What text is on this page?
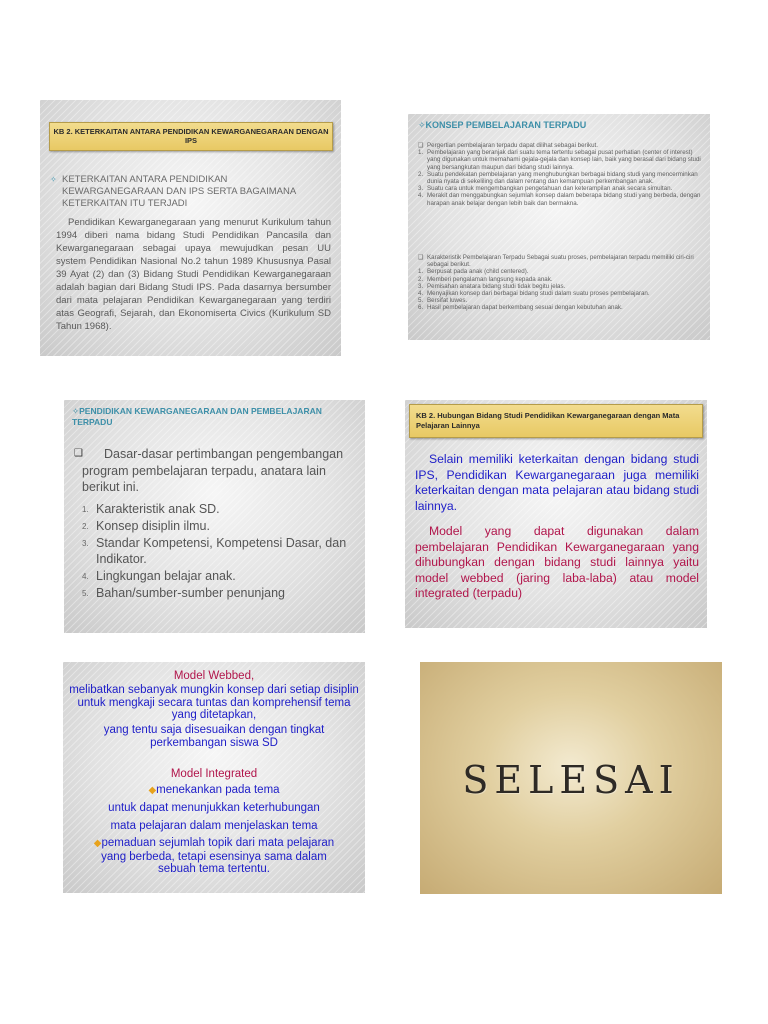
KB 2. KETERKAITAN ANTARA PENDIDIKAN KEWARGANEGARAAN DENGAN IPS
✧ KETERKAITAN ANTARA PENDIDIKAN KEWARGANEGARAAN DAN IPS SERTA BAGAIMANA KETERKAITAN ITU TERJADI
Pendidikan Kewarganegaraan yang menurut Kurikulum tahun 1994 diberi nama bidang Studi Pendidikan Pancasila dan Kewarganegaraan sebagai upaya mewujudkan pesan UU system Pendidikan Nasional No.2 tahun 1989 Khususnya Pasal 39 Ayat (2) dan (3) Bidang Studi Pendidikan Kewarganegaraan adalah bagian dari Bidang Studi IPS. Pada dasarnya bersumber dari mata pelajaran Pendidikan Kewarganegaraan yang terdiri atas Geografi, Sejarah, dan Ekonomiserta Civics (Kurikulum SD Tahun 1968).
✧KONSEP PEMBELAJARAN TERPADU
❑ Pergertian pembelajaran terpadu dapat dilihat sebagai berikut.
1. Pembelajaran yang beranjak dari suatu tema tertentu sebagai pusat perhatian (center of interest) yang digunakan untuk memahami gejala-gejala dan konsep lain, baik yang berasal dari bidang studi yang bersangkutan maupun dari bidang studi lainnya.
2. Suatu pendekatan pembelajaran yang menghubungkan berbagai bidang studi yang mencerminkan dunia nyata di sekeliling dan dalam rentang dan kemampuan perkembangan anak.
3. Suatu cara untuk mengembangkan pengetahuan dan keterampilan anak secara simultan.
4. Merakit dan menggabungkan sejumlah konsep dalam beberapa bidang studi yang berbeda, dengan harapan anak belajar dengan lebih baik dan bermakna.
❑ Karakteristik Pembelajaran Terpadu Sebagai suatu proses, pembelajaran terpadu memiliki ciri-ciri sebagai berikut.
1. Berpusat pada anak (child centered).
2. Memberi pengalaman langsung kepada anak.
3. Pemisahan anatara bidang studi tidak begitu jelas.
4. Menyajikan konsep dari berbagai bidang studi dalam suatu proses pembelajaran.
5. Bersifat luwes.
6. Hasil pembelajaran dapat berkembang sesuai dengan kebutuhan anak.
✧PENDIDIKAN KEWARGANEGARAAN DAN PEMBELAJARAN TERPADU
❑ Dasar-dasar pertimbangan pengembangan program pembelajaran terpadu, anatara lain berikut ini.
1. Karakteristik anak SD.
2. Konsep disiplin ilmu.
3. Standar Kompetensi, Kompetensi Dasar, dan Indikator.
4. Lingkungan belajar anak.
5. Bahan/sumber-sumber penunjang
KB 2. Hubungan Bidang Studi Pendidikan Kewarganegaraan dengan Mata Pelajaran Lainnya
Selain memiliki keterkaitan dengan bidang studi IPS, Pendidikan Kewarganegaraan juga memiliki keterkaitan dengan mata pelajaran atau bidang studi lainnya.
Model yang dapat digunakan dalam pembelajaran Pendidikan Kewarganegaraan yang dihubungkan dengan bidang studi lainnya yaitu model webbed (jaring laba-laba) atau model integrated (terpadu)
Model Webbed,
melibatkan sebanyak mungkin konsep dari setiap disiplin untuk mengkaji secara tuntas dan komprehensif tema yang ditetapkan,
yang tentu saja disesuaikan dengan tingkat perkembangan siswa SD
Model Integrated
◆menekankan pada tema
untuk dapat menunjukkan keterhubungan
mata pelajaran dalam menjelaskan tema
◆pemaduan sejumlah topik dari mata pelajaran yang berbeda, tetapi esensinya sama dalam sebuah tema tertentu.
SELESAI
